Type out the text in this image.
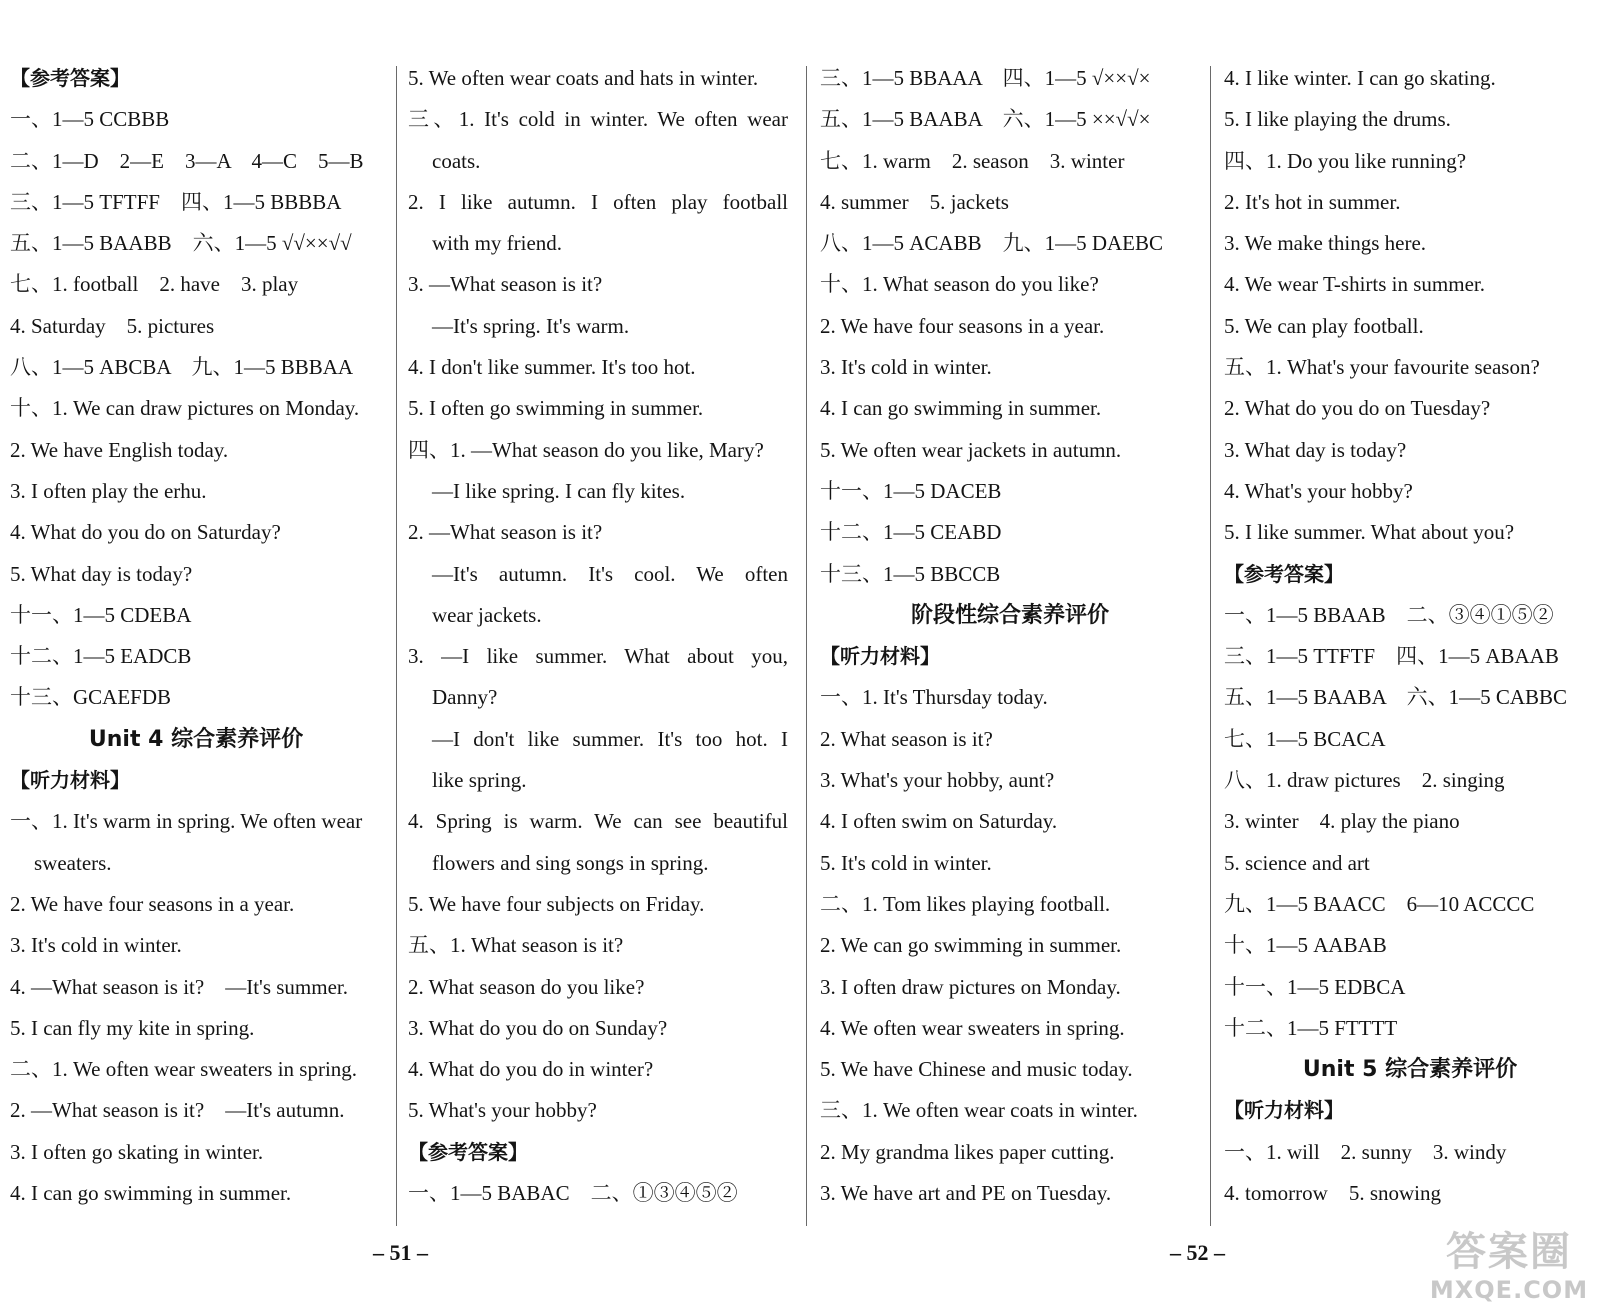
【参考答案】
一、1—5 CCBBB
二、1—D　2—E　3—A　4—C　5—B
三、1—5 TFTFF　四、1—5 BBBBA
五、1—5 BAABB　六、1—5 √√××√√
七、1. football　2. have　3. play
4. Saturday　5. pictures
八、1—5 ABCBA　九、1—5 BBBAA
十、1. We can draw pictures on Monday.
2. We have English today.
3. I often play the erhu.
4. What do you do on Saturday?
5. What day is today?
十一、1—5 CDEBA
十二、1—5 EADCB
十三、GCAEFDB
Unit 4 综合素养评价
【听力材料】
一、1. It's warm in spring. We often wear
sweaters.
2. We have four seasons in a year.
3. It's cold in winter.
4. —What season is it?　—It's summer.
5. I can fly my kite in spring.
二、1. We often wear sweaters in spring.
2. —What season is it?　—It's autumn.
3. I often go skating in winter.
4. I can go swimming in summer.
5. We often wear coats and hats in winter.
三、1. It's cold in winter. We often wear
coats.
2. I like autumn. I often play football
with my friend.
3. —What season is it?
—It's spring. It's warm.
4. I don't like summer. It's too hot.
5. I often go swimming in summer.
四、1. —What season do you like, Mary?
—I like spring. I can fly kites.
2. —What season is it?
—It's autumn. It's cool. We often
wear jackets.
3. —I like summer. What about you,
Danny?
—I don't like summer. It's too hot. I
like spring.
4. Spring is warm. We can see beautiful
flowers and sing songs in spring.
5. We have four subjects on Friday.
五、1. What season is it?
2. What season do you like?
3. What do you do on Sunday?
4. What do you do in winter?
5. What's your hobby?
【参考答案】
一、1—5 BABAC　二、①③④⑤②
三、1—5 BBAAA　四、1—5 √××√×
五、1—5 BAABA　六、1—5 ××√√×
七、1. warm　2. season　3. winter
4. summer　5. jackets
八、1—5 ACABB　九、1—5 DAEBC
十、1. What season do you like?
2. We have four seasons in a year.
3. It's cold in winter.
4. I can go swimming in summer.
5. We often wear jackets in autumn.
十一、1—5 DACEB
十二、1—5 CEABD
十三、1—5 BBCCB
阶段性综合素养评价
【听力材料】
一、1. It's Thursday today.
2. What season is it?
3. What's your hobby, aunt?
4. I often swim on Saturday.
5. It's cold in winter.
二、1. Tom likes playing football.
2. We can go swimming in summer.
3. I often draw pictures on Monday.
4. We often wear sweaters in spring.
5. We have Chinese and music today.
三、1. We often wear coats in winter.
2. My grandma likes paper cutting.
3. We have art and PE on Tuesday.
4. I like winter. I can go skating.
5. I like playing the drums.
四、1. Do you like running?
2. It's hot in summer.
3. We make things here.
4. We wear T-shirts in summer.
5. We can play football.
五、1. What's your favourite season?
2. What do you do on Tuesday?
3. What day is today?
4. What's your hobby?
5. I like summer. What about you?
【参考答案】
一、1—5 BBAAB　二、③④①⑤②
三、1—5 TTFTF　四、1—5 ABAAB
五、1—5 BAABA　六、1—5 CABBC
七、1—5 BCACA
八、1. draw pictures　2. singing
3. winter　4. play the piano
5. science and art
九、1—5 BAACC　6—10 ACCCC
十、1—5 AABAB
十一、1—5 EDBCA
十二、1—5 FTTTT
Unit 5 综合素养评价
【听力材料】
一、1. will　2. sunny　3. windy
4. tomorrow　5. snowing
– 51 –	– 52 –	答案圈
MXQE.COM
